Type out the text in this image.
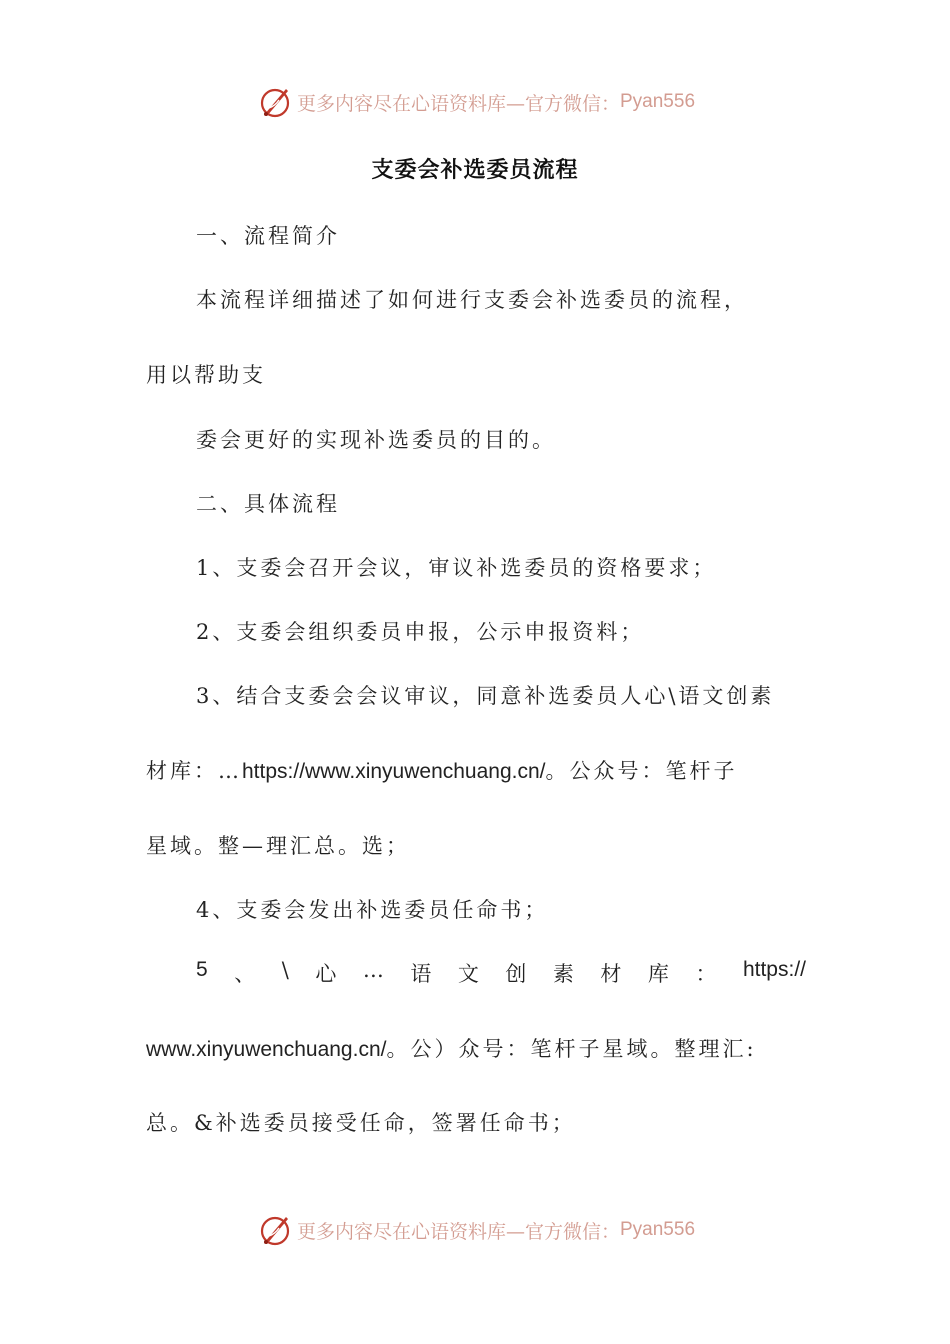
更多内容尽在心语资料库—官方微信： Pyan556
支委会补选委员流程
一、流程简介
本流程详细描述了如何进行支委会补选委员的流程，
用以帮助支
委会更好的实现补选委员的目的。
二、具体流程
1、支委会召开会议，审议补选委员的资格要求；
2、支委会组织委员申报，公示申报资料；
3、结合支委会会议审议，同意补选委员人心\语文创素
材库：…https://www.xinyuwenchuang.cn/。公众号：笔杆子
星域。整—理汇总。选；
4、支委会发出补选委员任命书；
5 、 \ 心 … 语 文 创 素 材 库 ： https://
www.xinyuwenchuang.cn/。公）众号：笔杆子星域。整理汇:
总。&补选委员接受任命，签署任命书；
更多内容尽在心语资料库—官方微信： Pyan556
